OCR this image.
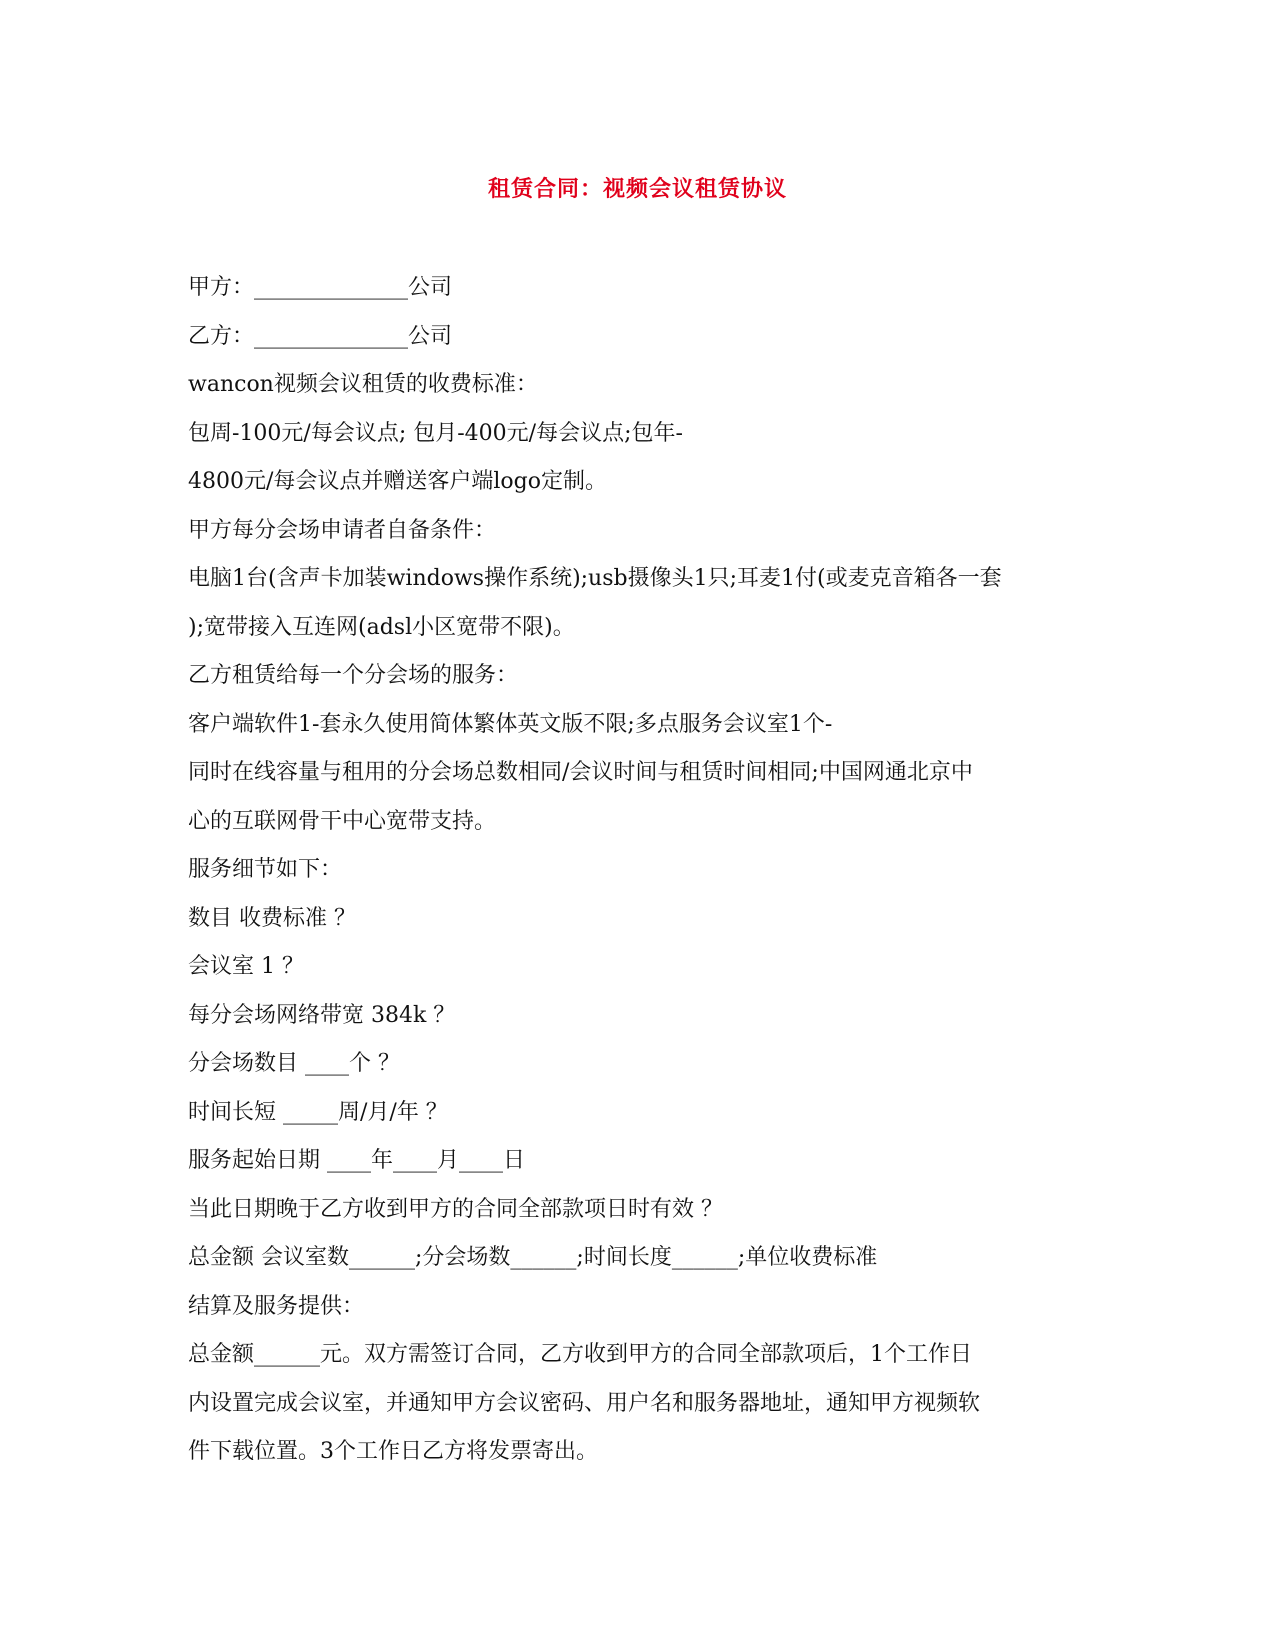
租赁合同：视频会议租赁协议
甲方：______________公司
乙方：______________公司
wancon视频会议租赁的收费标准：
包周-100元/每会议点; 包月-400元/每会议点;包年-
4800元/每会议点并赠送客户端logo定制。
甲方每分会场申请者自备条件：
电脑1台(含声卡加装windows操作系统);usb摄像头1只;耳麦1付(或麦克音箱各一套
);宽带接入互连网(adsl小区宽带不限)。
乙方租赁给每一个分会场的服务：
客户端软件1-套永久使用简体繁体英文版不限;多点服务会议室1个-
同时在线容量与租用的分会场总数相同/会议时间与租赁时间相同;中国网通北京中
心的互联网骨干中心宽带支持。
服务细节如下：
数目 收费标准 ？
会议室 1 ？
每分会场网络带宽 384k ？
分会场数目 ____个 ？
时间长短 _____周/月/年 ？
服务起始日期 ____年____月____日
当此日期晚于乙方收到甲方的合同全部款项日时有效 ？
总金额 会议室数______;分会场数______;时间长度______;单位收费标准
结算及服务提供：
总金额______元。双方需签订合同，乙方收到甲方的合同全部款项后，1个工作日
内设置完成会议室，并通知甲方会议密码、用户名和服务器地址，通知甲方视频软
件下载位置。3个工作日乙方将发票寄出。
